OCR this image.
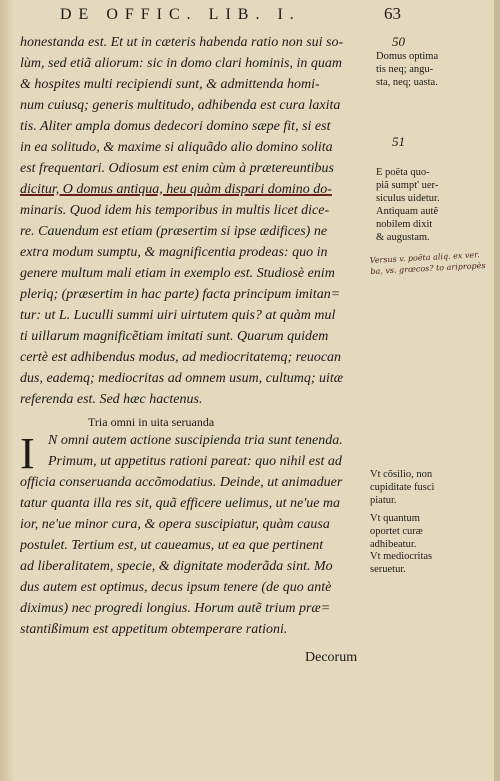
DE OFFIC. LIB. I.	63
honestanda est. Et ut in cæteris habenda ratio non sui so-
lùm, sed etiã aliorum: sic in domo clari hominis, in quam
& hospites multi recipiendi sunt, & admittenda homi-
num cuiusq; generis multitudo, adhibenda est cura laxita
tis. Aliter ampla domus dedecori domino sæpe fit, si est
in ea solitudo, & maxime si aliquãdo alio domino solita
est frequentari. Odiosum est enim cùm à prætereuntibus
dicitur, O domus antiqua, heu quàm dispari domino do-
minaris. Quod idem his temporibus in multis licet dice-
re. Cauendum est etiam (præsertim si ipse ædifices) ne
extra modum sumptu, & magnificentia prodeas: quo in
genere multum mali etiam in exemplo est. Studiosè enim
pleriq; (præsertim in hac parte) facta principum imitan=
tur: ut L. Luculli summi uiri uirtutem quis? at quàm mul
ti uillarum magnificẽtiam imitati sunt. Quarum quidem
certè est adhibendus modus, ad mediocritatemq; reuocan
dus, eademq; mediocritas ad omnem usum, cultumq; uitæ
referenda est. Sed hæc hactenus.
Tria omni in uita seruanda
I N omni autem actione suscipienda tria sunt tenenda.
Primum, ut appetitus rationi pareat: quo nihil est ad
officia conseruanda accõmodatius. Deinde, ut animaduer
tatur quanta illa res sit, quã efficere uelimus, ut ne'ue ma
ior, ne'ue minor cura, & opera suscipiatur, quàm causa
postulet. Tertium est, ut caueamus, ut ea que pertinent
ad liberalitatem, specie, & dignitate moderãda sint. Mo
dus autem est optimus, decus ipsum tenere (de quo antè
diximus) nec progredi longius. Horum autẽ trium præ=
stantißimum est appetitum obtemperare rationi.
Decorum
50
Domus optima
tis neq; angu-
sta, neq; uasta.
51
E poëta quo-
piã sumpt' uer-
siculus uidetur.
Antiquam autẽ
nobilem dixit
& augustam.
Versus v. poëta aliq. ex ver.
ba, vs. grœcos? to aripropès
Vt cõsilio, non
cupiditate fuscì
piatur.
Vt quantum
oportet curæ
adhibeatur.
Vt mediocritas
seruetur.
